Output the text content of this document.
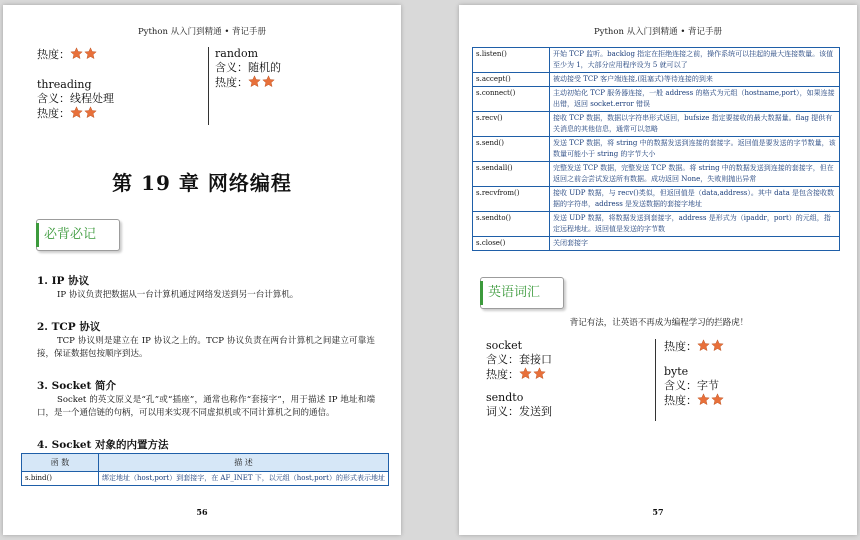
Python 从入门到精通 • 背记手册
热度：
threading
含义：线程处理
热度：
random
含义：随机的
热度：
第 19 章 网络编程
必背必记
1. IP 协议
IP 协议负责把数据从一台计算机通过网络发送到另一台计算机。
2. TCP 协议
TCP 协议则是建立在 IP 协议之上的。TCP 协议负责在两台计算机之间建立可靠连接，保证数据包按顺序到达。
3. Socket 简介
Socket 的英文原义是“孔”或“插座”，通常也称作“套接字”，用于描述 IP 地址和端口，是一个通信链的句柄，可以用来实现不同虚拟机或不同计算机之间的通信。
4. Socket 对象的内置方法
函 数	描 述
s.bind()	绑定地址（host,port）到套接字，在 AF_INET 下，以元组（host,port）的形式表示地址
56
Python 从入门到精通 • 背记手册
s.listen()	开始 TCP 监听。backlog 指定在拒绝连接之前，操作系统可以挂起的最大连接数量。该值至少为 1，大部分应用程序设为 5 就可以了
s.accept()	被动接受 TCP 客户端连接,(阻塞式)等待连接的到来
s.connect()	主动初始化 TCP 服务器连接，一般 address 的格式为元组（hostname,port），如果连接出错，返回 socket.error 错误
s.recv()	接收 TCP 数据，数据以字符串形式返回，bufsize 指定要接收的最大数据量。flag 提供有关消息的其他信息，通常可以忽略
s.send()	发送 TCP 数据，将 string 中的数据发送到连接的套接字。返回值是要发送的字节数量，该数量可能小于 string 的字节大小
s.sendall()	完整发送 TCP 数据，完整发送 TCP 数据。将 string 中的数据发送到连接的套接字，但在返回之前会尝试发送所有数据。成功返回 None，失败则抛出异常
s.recvfrom()	接收 UDP 数据，与 recv()类似，但返回值是（data,address）。其中 data 是包含接收数据的字符串，address 是发送数据的套接字地址
s.sendto()	发送 UDP 数据，将数据发送到套接字，address 是形式为（ipaddr，port）的元组，指定远程地址。返回值是发送的字节数
s.close()	关闭套接字
英语词汇
背记有法，让英语不再成为编程学习的拦路虎！
socket
含义：套接口
热度：
sendto
词义：发送到
热度：
byte
含义：字节
热度：
57
